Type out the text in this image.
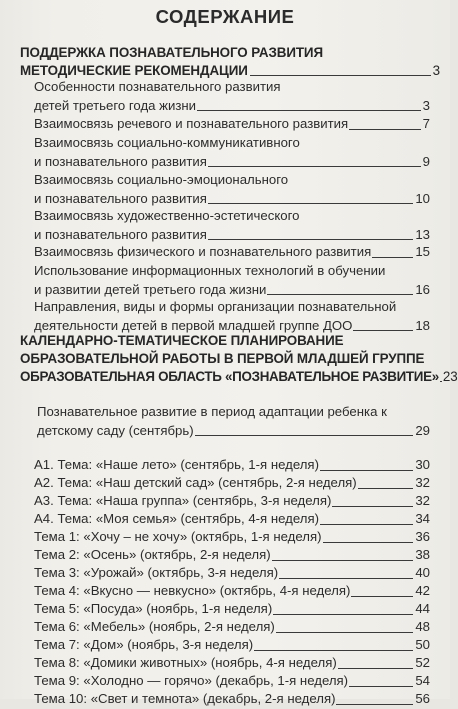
СОДЕРЖАНИЕ
ПОДДЕРЖКА ПОЗНАВАТЕЛЬНОГО РАЗВИТИЯ
МЕТОДИЧЕСКИЕ РЕКОМЕНДАЦИИ	3
Особенности познавательного развития
детей третьего года жизни	3
Взаимосвязь речевого и познавательного развития	7
Взаимосвязь социально-коммуникативного
и познавательного развития	9
Взаимосвязь социально-эмоционального
и познавательного развития	10
Взаимосвязь художественно-эстетического
и познавательного развития	13
Взаимосвязь физического и познавательного развития	15
Использование информационных технологий в обучении
и развитии детей третьего года жизни	16
Направления, виды и формы организации познавательной
деятельности детей в первой младшей группе ДОО	18
КАЛЕНДАРНО-ТЕМАТИЧЕСКОЕ ПЛАНИРОВАНИЕ
ОБРАЗОВАТЕЛЬНОЙ РАБОТЫ В ПЕРВОЙ МЛАДШЕЙ ГРУППЕ
ОБРАЗОВАТЕЛЬНАЯ ОБЛАСТЬ «ПОЗНАВАТЕЛЬНОЕ РАЗВИТИЕ» 23
Познавательное развитие в период адаптации ребенка к
детскому саду (сентябрь)	29
А1. Тема: «Наше лето» (сентябрь, 1-я неделя)	30
А2. Тема: «Наш детский сад» (сентябрь, 2-я неделя)	32
А3. Тема: «Наша группа» (сентябрь, 3-я неделя)	32
А4. Тема: «Моя семья» (сентябрь, 4-я неделя)	34
Тема 1: «Хочу – не хочу» (октябрь, 1-я неделя)	36
Тема 2: «Осень» (октябрь, 2-я неделя)	38
Тема 3: «Урожай» (октябрь, 3-я неделя)	40
Тема 4: «Вкусно — невкусно» (октябрь, 4-я неделя)	42
Тема 5: «Посуда» (ноябрь, 1-я неделя)	44
Тема 6: «Мебель» (ноябрь, 2-я неделя)	48
Тема 7: «Дом» (ноябрь, 3-я неделя)	50
Тема 8: «Домики животных» (ноябрь, 4-я неделя)	52
Тема 9: «Холодно — горячо» (декабрь, 1-я неделя)	54
Тема 10: «Свет и темнота» (декабрь, 2-я неделя)	56
